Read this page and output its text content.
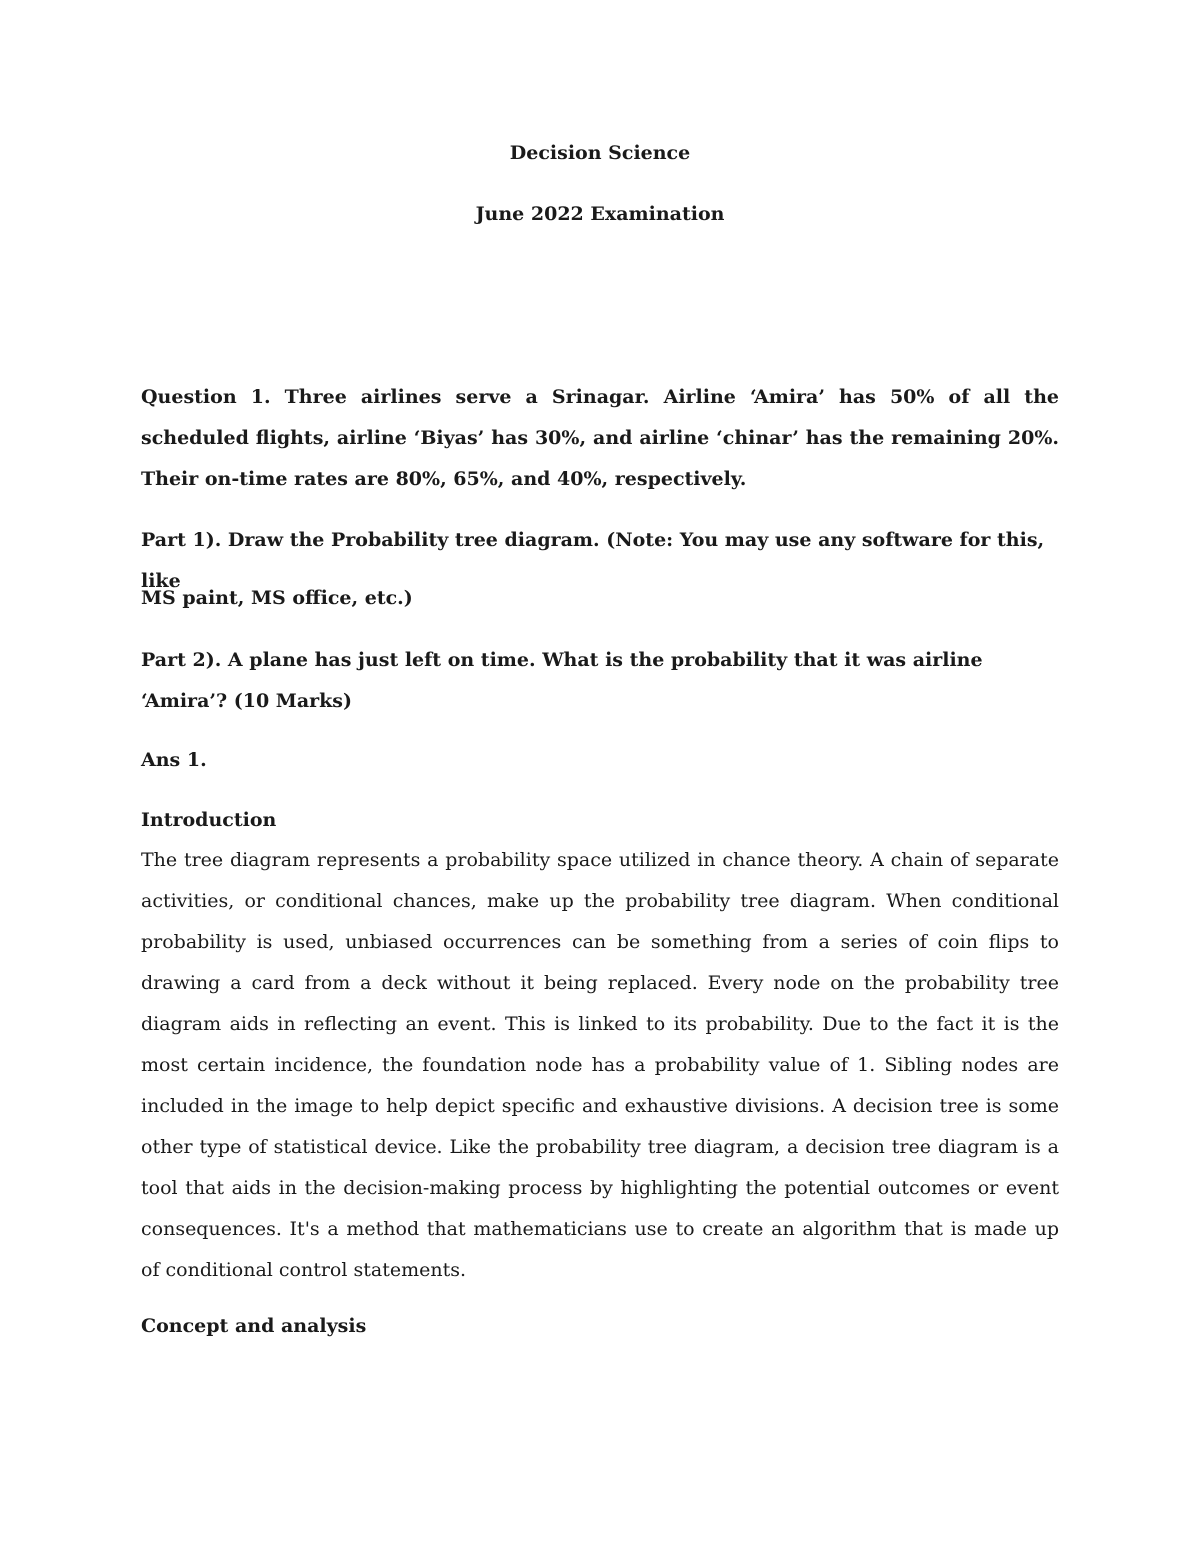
Decision Science

June 2022 Examination

Question 1. Three airlines serve a Srinagar. Airline ‘Amira’ has 50% of all the scheduled flights, airline ‘Biyas’ has 30%, and airline ‘chinar’ has the remaining 20%. Their on-time rates are 80%, 65%, and 40%, respectively.

Part 1). Draw the Probability tree diagram. (Note: You may use any software for this, like

MS paint, MS office, etc.)

Part 2). A plane has just left on time. What is the probability that it was airline ‘Amira’? (10 Marks)

Ans 1.

Introduction

The tree diagram represents a probability space utilized in chance theory. A chain of separate activities, or conditional chances, make up the probability tree diagram. When conditional probability is used, unbiased occurrences can be something from a series of coin flips to drawing a card from a deck without it being replaced. Every node on the probability tree diagram aids in reflecting an event. This is linked to its probability. Due to the fact it is the most certain incidence, the foundation node has a probability value of 1. Sibling nodes are included in the image to help depict specific and exhaustive divisions. A decision tree is some other type of statistical device. Like the probability tree diagram, a decision tree diagram is a tool that aids in the decision-making process by highlighting the potential outcomes or event consequences. It's a method that mathematicians use to create an algorithm that is made up of conditional control statements.

Concept and analysis
